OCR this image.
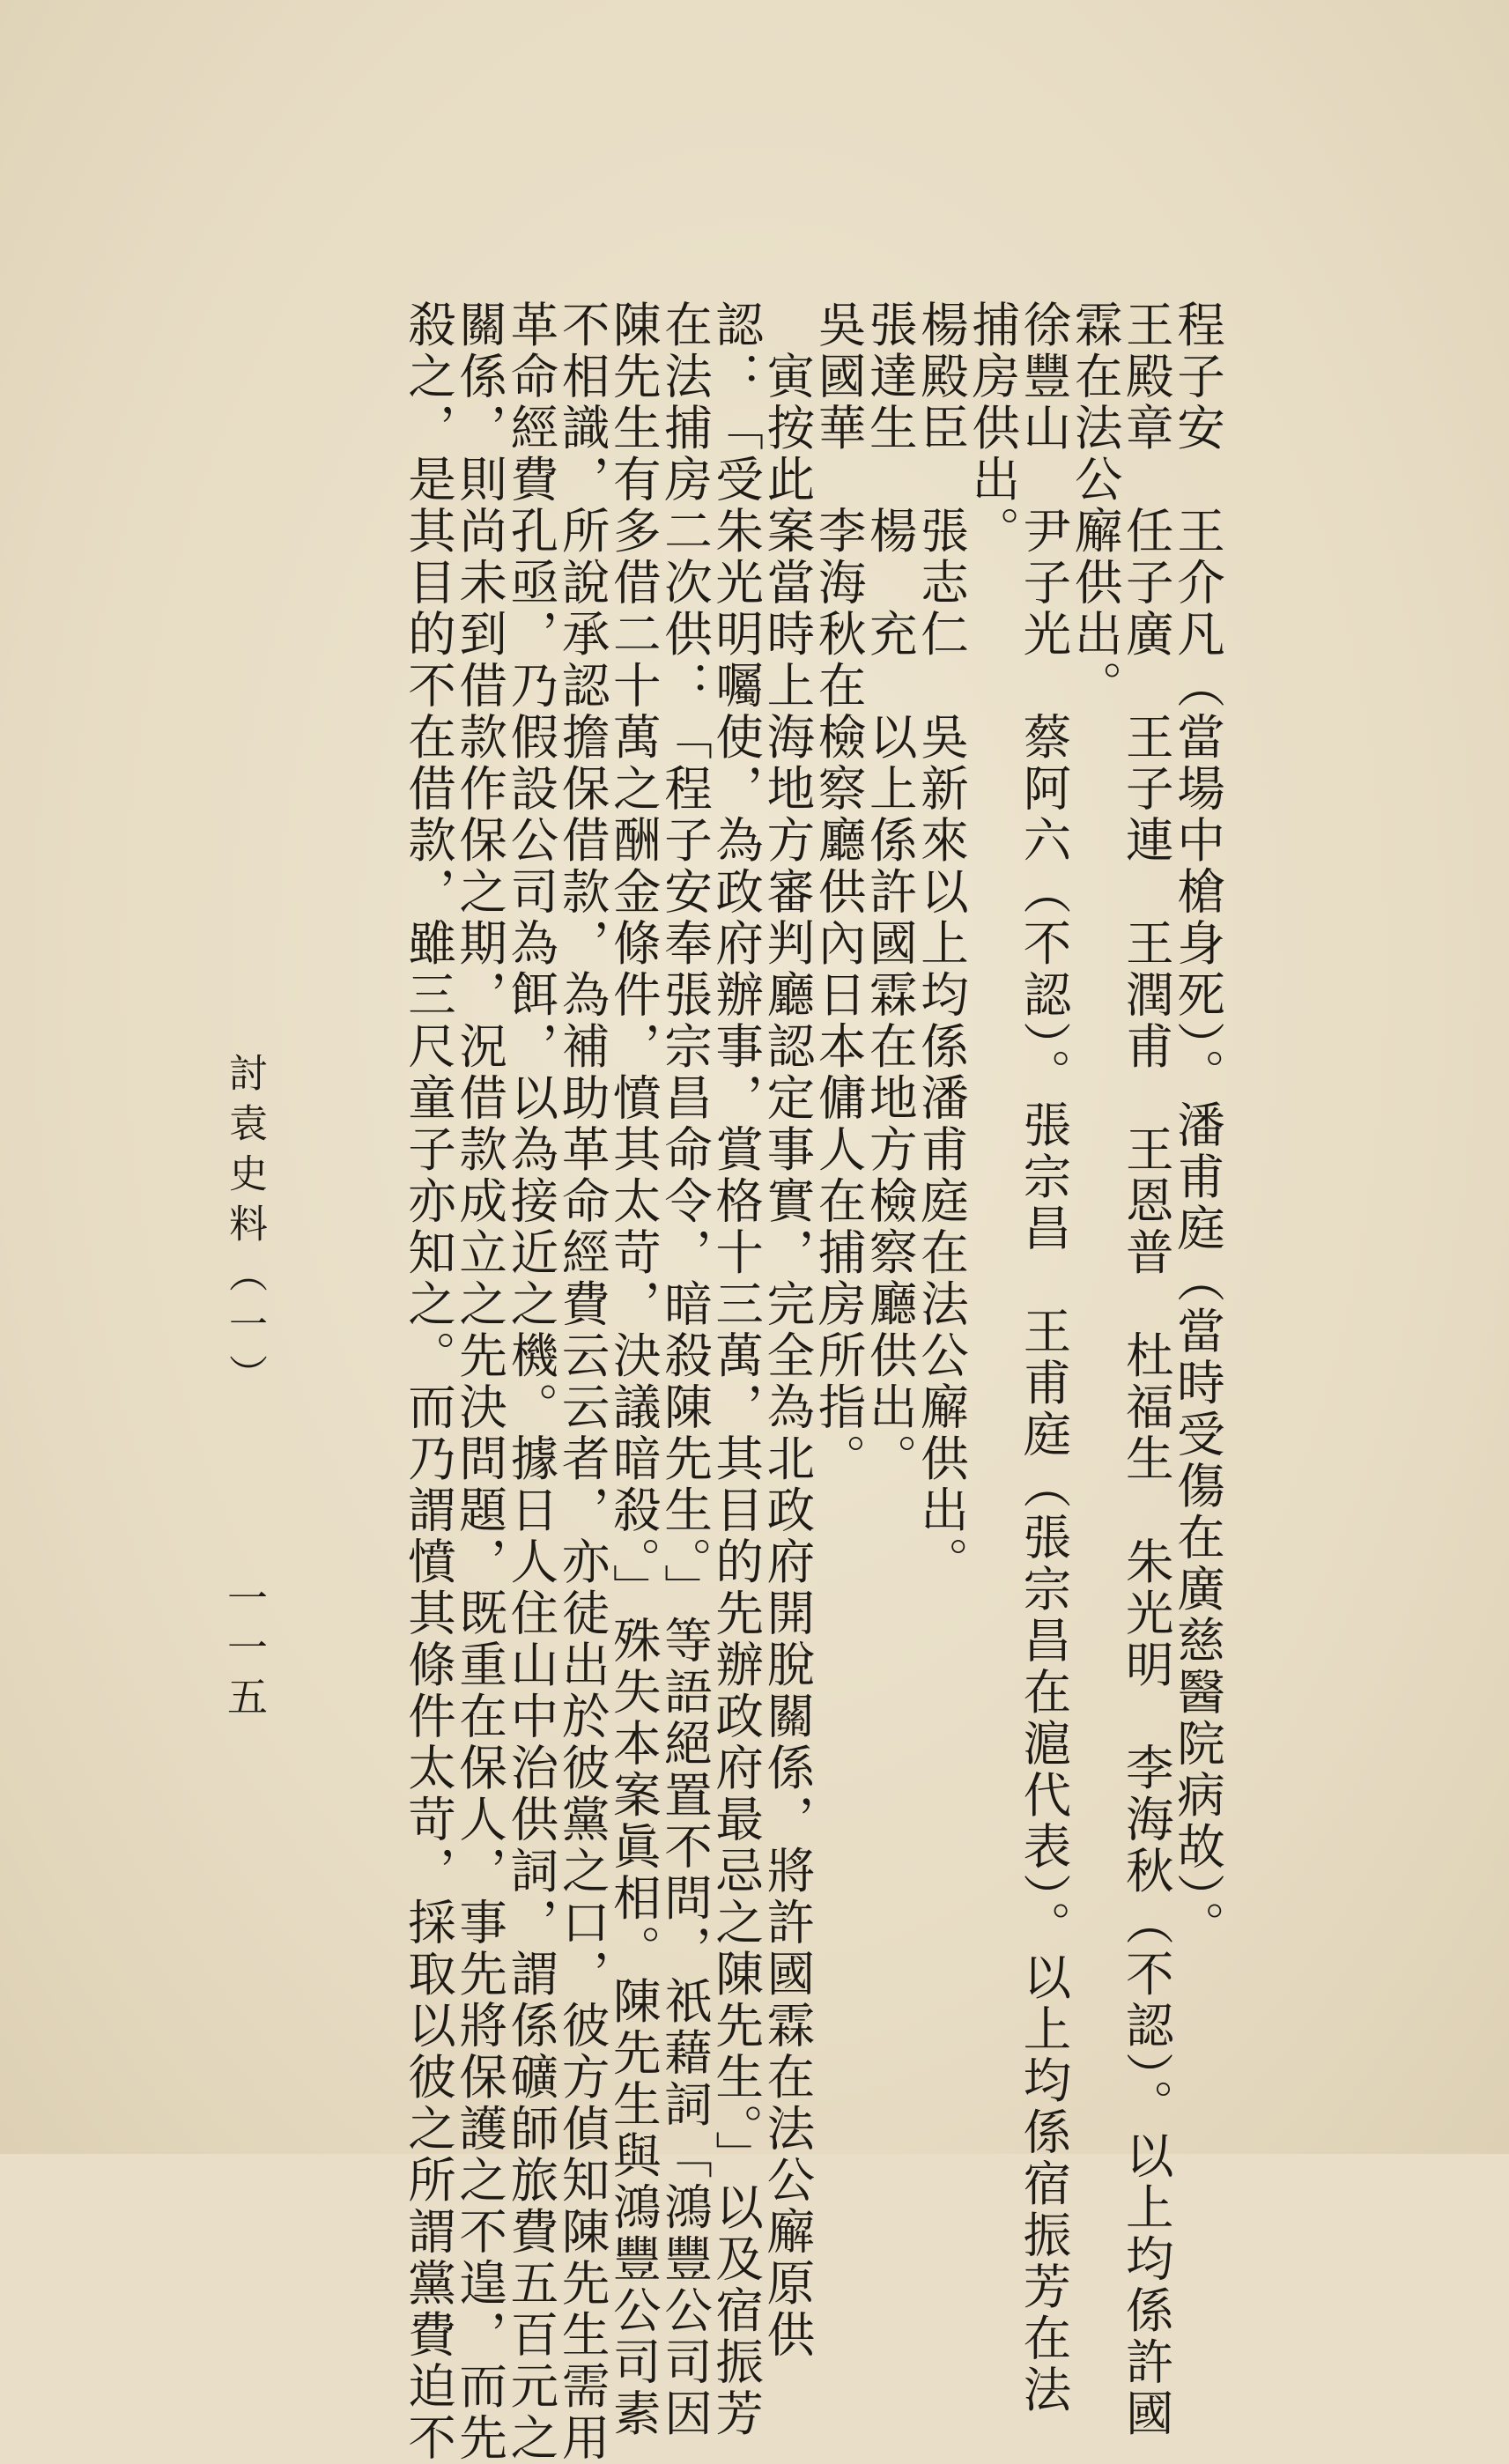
程子安　王介凡（當場中槍身死）。潘甫庭（當時受傷在廣慈醫院病故）。
王殿章　任子廣　王子連　王潤甫　王恩普　杜福生　朱光明　李海秋（不認）。以上均係許國
霖在法公廨供出。
徐豐山　尹子光　蔡阿六（不認）。張宗昌　王甫庭（張宗昌在滬代表）。以上均係宿振芳在法
捕房供出。
楊殿臣　張志仁　吳新來以上均係潘甫庭在法公廨供出。
張達生　楊　充　以上係許國霖在地方檢察廳供出。
吳國華　李海秋在檢察廳供內日本傭人在捕房所指。
　寅按此案當時上海地方審判廳認定事實，完全為北政府開脫關係，將許國霖在法公廨原供
認：「受朱光明囑使，為政府辦事，賞格十三萬，其目的先辦政府最忌之陳先生。」以及宿振芳
在法捕房二次供：「程子安奉張宗昌命令，暗殺陳先生。」等語絕置不問，祇藉詞「鴻豐公司因
陳先生有多借二十萬之酬金條件，憤其太苛，決議暗殺。」殊失本案眞相。陳先生與鴻豐公司素
不相識，所說承認擔保借款，為補助革命經費云云者，亦徒出於彼黨之口，彼方偵知陳先生需用
革命經費孔亟，乃假設公司為餌，以為接近之機。據日人住山中治供詞，謂係礦師旅費五百元之
關係，則尚未到借款作保之期，況借款成立之先決問題，既重在保人，事先將保護之不遑，而先
殺之，是其目的不在借款，雖三尺童子亦知之。而乃謂憤其條件太苛，採取以彼之所謂黨費迫不
討袁史料（一）
一一五
